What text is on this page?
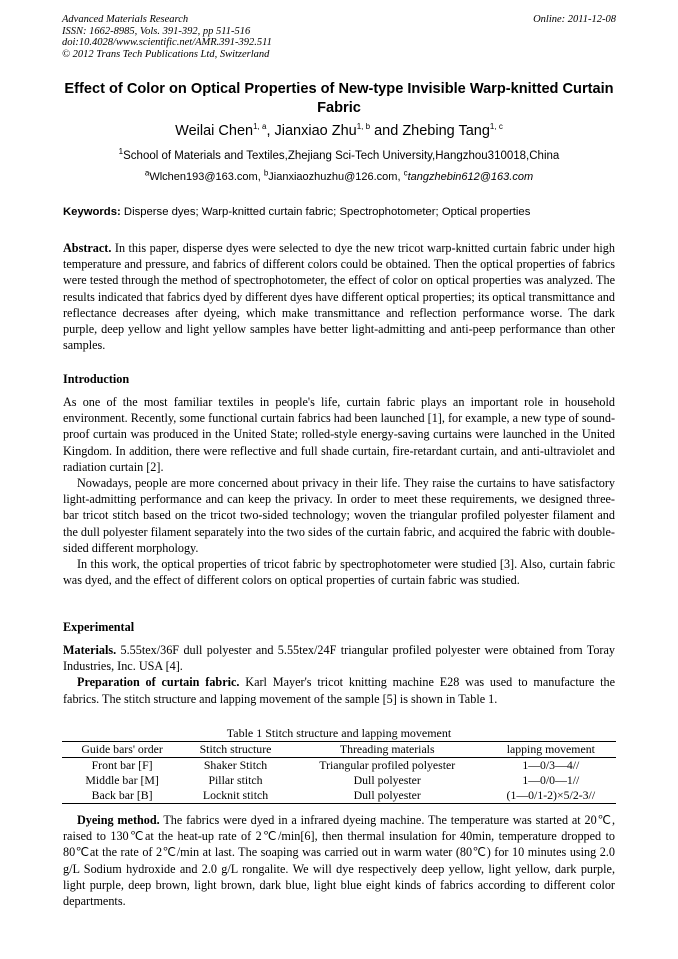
Advanced Materials Research
ISSN: 1662-8985, Vols. 391-392, pp 511-516
doi:10.4028/www.scientific.net/AMR.391-392.511
© 2012 Trans Tech Publications Ltd, Switzerland
Online: 2011-12-08
Effect of Color on Optical Properties of New-type Invisible Warp-knitted Curtain Fabric
Weilai Chen$^{1, a}$, Jianxiao Zhu$^{1, b}$ and Zhebing Tang$^{1, c}$
$^1$School of Materials and Textiles,Zhejiang Sci-Tech University,Hangzhou310018,China
$^a$Wlchen193@163.com, $^b$Jianxiaozhuzhu@126.com, $^c$tangzhebin612@163.com
Keywords: Disperse dyes; Warp-knitted curtain fabric; Spectrophotometer; Optical properties
Abstract. In this paper, disperse dyes were selected to dye the new tricot warp-knitted curtain fabric under high temperature and pressure, and fabrics of different colors could be obtained. Then the optical properties of fabrics were tested through the method of spectrophotometer, the effect of color on optical properties was analyzed. The results indicated that fabrics dyed by different dyes have different optical properties; its optical transmittance and reflectance decreases after dyeing, which make transmittance and reflection performance worse. The dark purple, deep yellow and light yellow samples have better light-admitting and anti-peep performance than other samples.
Introduction
As one of the most familiar textiles in people's life, curtain fabric plays an important role in household environment. Recently, some functional curtain fabrics had been launched [1], for example, a new type of sound-proof curtain was produced in the United State; rolled-style energy-saving curtains were launched in the United Kingdom. In addition, there were reflective and full shade curtain, fire-retardant curtain, and anti-ultraviolet and radiation curtain [2].
Nowadays, people are more concerned about privacy in their life. They raise the curtains to have satisfactory light-admitting performance and can keep the privacy. In order to meet these requirements, we designed three-bar tricot stitch based on the tricot two-sided technology; woven the triangular profiled polyester filament and the dull polyester filament separately into the two sides of the curtain fabric, and acquired the fabric with double-sided different morphology.
In this work, the optical properties of tricot fabric by spectrophotometer were studied [3]. Also, curtain fabric was dyed, and the effect of different colors on optical properties of curtain fabric was studied.
Experimental
Materials. 5.55tex/36F dull polyester and 5.55tex/24F triangular profiled polyester were obtained from Toray Industries, Inc. USA [4].
Preparation of curtain fabric. Karl Mayer's tricot knitting machine E28 was used to manufacture the fabrics. The stitch structure and lapping movement of the sample [5] is shown in Table 1.
Table 1 Stitch structure and lapping movement
Guide bars' order	Stitch structure	Threading materials	lapping movement
Front bar [F]	Shaker Stitch	Triangular profiled polyester	1—0/3—4//
Middle bar [M]	Pillar stitch	Dull polyester	1—0/0—1//
Back bar [B]	Locknit stitch	Dull polyester	(1—0/1-2)×5/2-3//
Dyeing method. The fabrics were dyed in a infrared dyeing machine. The temperature was started at 20℃, raised to 130℃at the heat-up rate of 2℃/min[6], then thermal insulation for 40min, temperature dropped to 80℃at the rate of 2℃/min at last. The soaping was carried out in warm water (80℃) for 10 minutes using 2.0 g/L Sodium hydroxide and 2.0 g/L rongalite. We will dye respectively deep yellow, light yellow, dark purple, light purple, deep brown, light brown, dark blue, light blue eight kinds of fabrics according to different color departments.
